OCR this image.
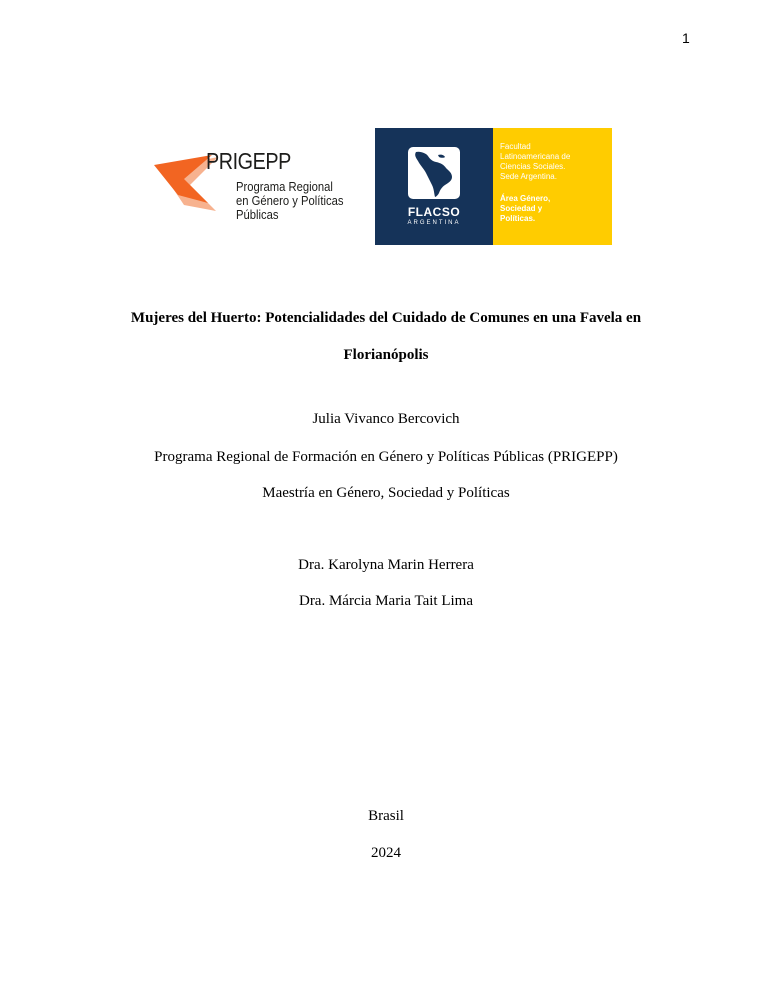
1
PRIGEPP
Programa Regional
en Género y Políticas
Públicas	FLACSO
ARGENTINA
Facultad
Latinoamericana de
Ciencias Sociales.
Sede Argentina.
Área Género,
Sociedad y
Políticas.
Mujeres del Huerto: Potencialidades del Cuidado de Comunes en una Favela en
Florianópolis
Julia Vivanco Bercovich
Programa Regional de Formación en Género y Políticas Públicas (PRIGEPP)
Maestría en Género, Sociedad y Políticas
Dra. Karolyna Marin Herrera
Dra. Márcia Maria Tait Lima
Brasil
2024
